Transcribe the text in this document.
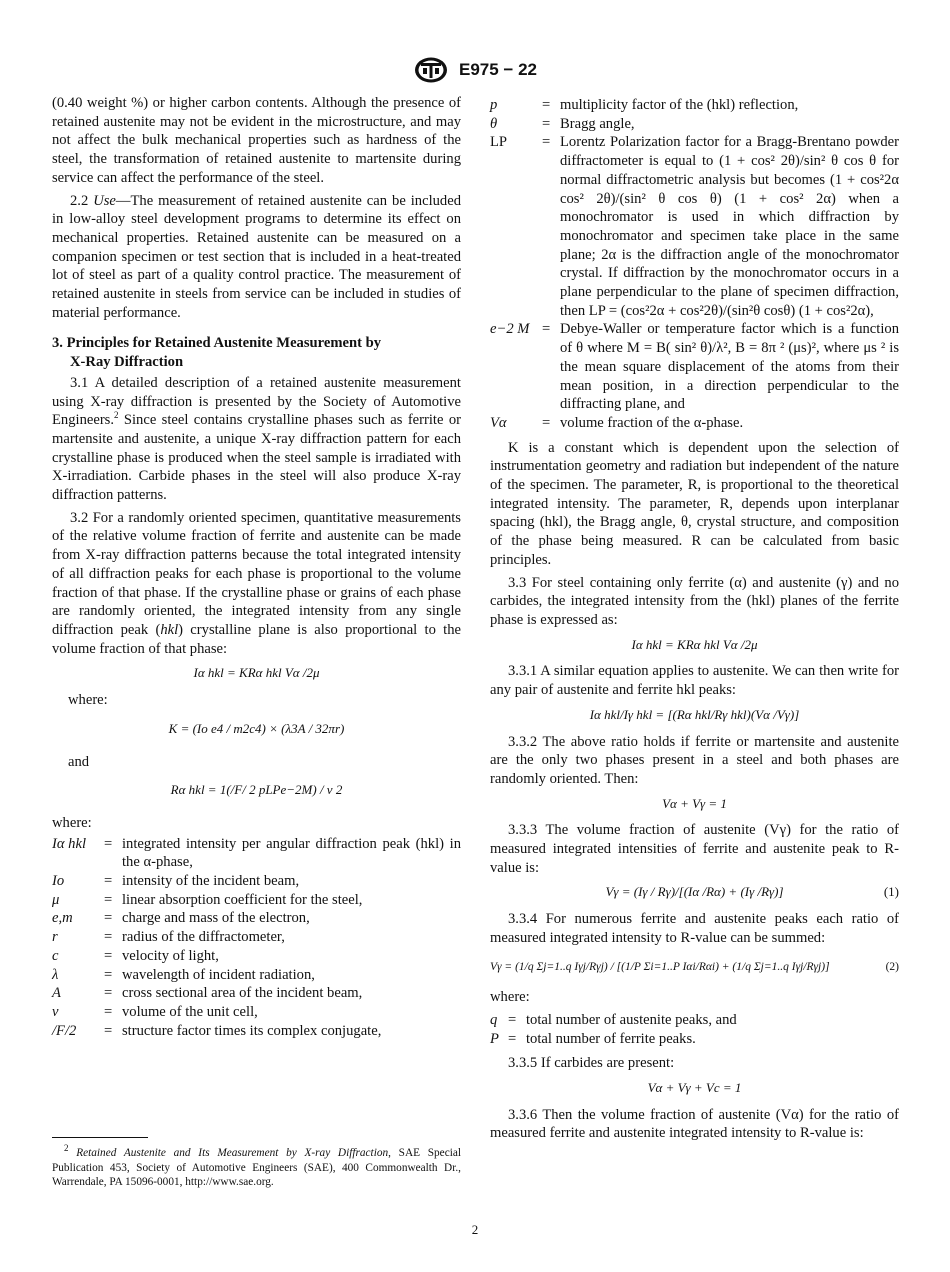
E975 − 22

(0.40 weight %) or higher carbon contents. Although the presence of retained austenite may not be evident in the microstructure, and may not affect the bulk mechanical properties such as hardness of the steel, the transformation of retained austenite to martensite during service can affect the performance of the steel.

2.2 Use—The measurement of retained austenite can be included in low-alloy steel development programs to determine its effect on mechanical properties. Retained austenite can be measured on a companion specimen or test section that is included in a heat-treated lot of steel as part of a quality control practice. The measurement of retained austenite in steels from service can be included in studies of material performance.

3. Principles for Retained Austenite Measurement by
X-Ray Diffraction

3.1 A detailed description of a retained austenite measurement using X-ray diffraction is presented by the Society of Automotive Engineers.$^2$ Since steel contains crystalline phases such as ferrite or martensite and austenite, a unique X-ray diffraction pattern for each crystalline phase is produced when the steel sample is irradiated with X-irradiation. Carbide phases in the steel will also produce X-ray diffraction patterns.

3.2 For a randomly oriented specimen, quantitative measurements of the relative volume fraction of ferrite and austenite can be made from X-ray diffraction patterns because the total integrated intensity of all diffraction peaks for each phase is proportional to the volume fraction of that phase. If the crystalline phase or grains of each phase are randomly oriented, the integrated intensity from any single diffraction peak (hkl) crystalline plane is also proportional to the volume fraction of that phase:

Iα hkl = KRα hkl Vα /2μ
where:
K = (Io e4 / m2c4) × (λ3A / 32πr)
and
Rα hkl = 1(/F/ 2 pLPe−2M) / v 2
where:
Iα hkl	= integrated intensity per angular diffraction peak (hkl) in the α-phase,
Io	= intensity of the incident beam,
μ	= linear absorption coefficient for the steel,
e,m	= charge and mass of the electron,
r	= radius of the diffractometer,
c	= velocity of light,
λ	= wavelength of incident radiation,
A	= cross sectional area of the incident beam,
v	= volume of the unit cell,
/F/2	= structure factor times its complex conjugate,
p	= multiplicity factor of the (hkl) reflection,
θ	= Bragg angle,
LP	= Lorentz Polarization factor for a Bragg-Brentano powder diffractometer is equal to (1 + cos² 2θ)/sin² θ cos θ for normal diffractometric analysis but becomes (1 + cos²2α cos² 2θ)/(sin² θ cos θ) (1 + cos² 2α) when a monochromator is used in which diffraction by monochromator and specimen take place in the same plane; 2α is the diffraction angle of the monochromator crystal. If diffraction by the monochromator occurs in a plane perpendicular to the plane of specimen diffraction, then LP = (cos²2α + cos²2θ)/(sin²θ cosθ) (1 + cos²2α),
e−2 M = Debye-Waller or temperature factor which is a function of θ where M = B( sin² θ)/λ², B = 8π ² (μs)², where μs ² is the mean square displacement of the atoms from their mean position, in a direction perpendicular to the diffracting plane, and
Vα	= volume fraction of the α-phase.

K is a constant which is dependent upon the selection of instrumentation geometry and radiation but independent of the nature of the specimen. The parameter, R, is proportional to the theoretical integrated intensity. The parameter, R, depends upon interplanar spacing (hkl), the Bragg angle, θ, crystal structure, and composition of the phase being measured. R can be calculated from basic principles.

3.3 For steel containing only ferrite (α) and austenite (γ) and no carbides, the integrated intensity from the (hkl) planes of the ferrite phase is expressed as:

Iα hkl = KRα hkl Vα /2μ

3.3.1 A similar equation applies to austenite. We can then write for any pair of austenite and ferrite hkl peaks:

Iα hkl/Iγ hkl = [(Rα hkl/Rγ hkl)(Vα /Vγ)]

3.3.2 The above ratio holds if ferrite or martensite and austenite are the only two phases present in a steel and both phases are randomly oriented. Then:

Vα + Vγ = 1

3.3.3 The volume fraction of austenite (Vγ) for the ratio of measured integrated intensities of ferrite and austenite peak to R-value is:

Vγ = (Iγ / Rγ)/[(Iα /Rα) + (Iγ /Rγ)]	(1)

3.3.4 For numerous ferrite and austenite peaks each ratio of measured integrated intensity to R-value can be summed:

Vγ = (1/q Σj=1..q Iγj/Rγj) / [(1/P Σi=1..P Iαi/Rαi) + (1/q Σj=1..q Iγj/Rγj)]	(2)
where:
q = total number of austenite peaks, and
P = total number of ferrite peaks.

3.3.5 If carbides are present:

Vα + Vγ + Vc = 1

3.3.6 Then the volume fraction of austenite (Vα) for the ratio of measured ferrite and austenite integrated intensity to R-value is:

$^2$ Retained Austenite and Its Measurement by X-ray Diffraction, SAE Special Publication 453, Society of Automotive Engineers (SAE), 400 Commonwealth Dr., Warrendale, PA 15096-0001, http://www.sae.org.
2
